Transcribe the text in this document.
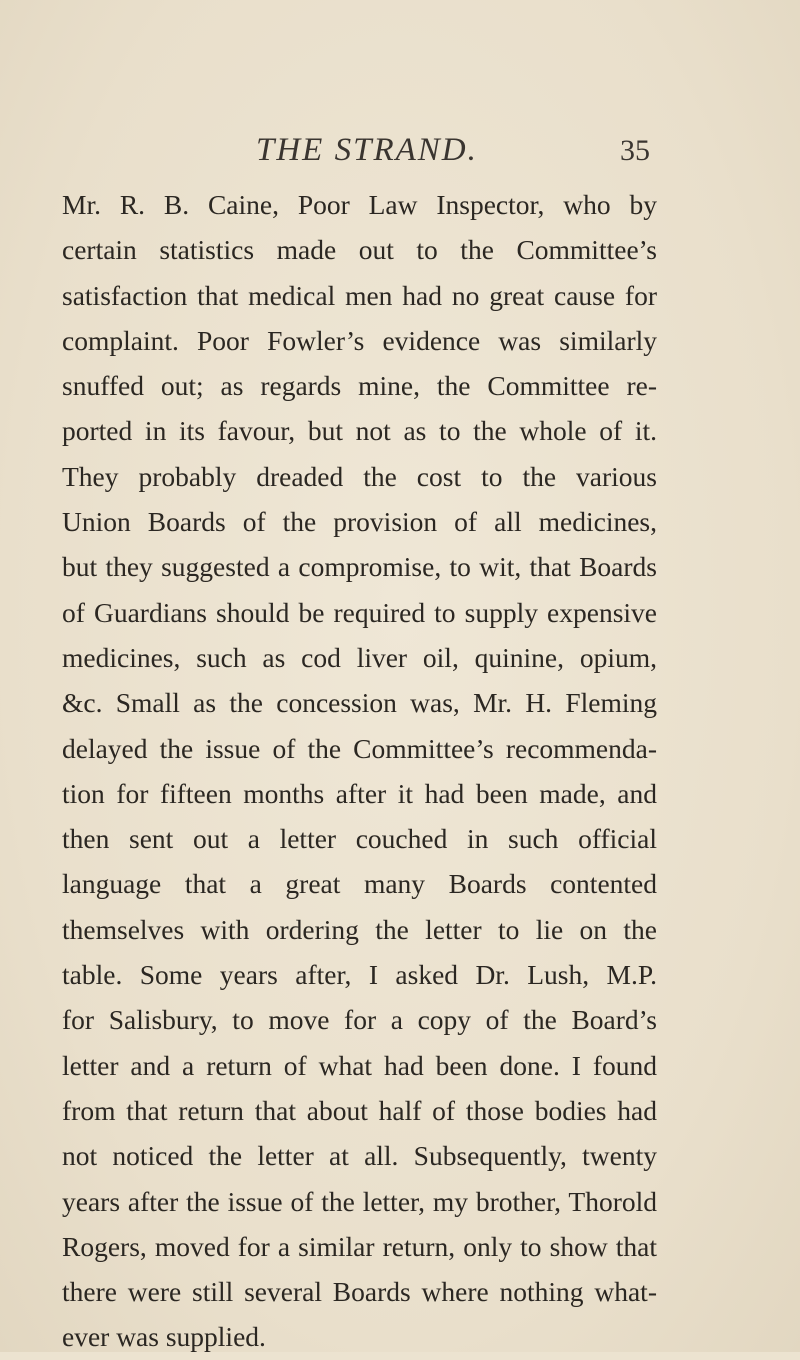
THE STRAND.	35

Mr. R. B. Caine, Poor Law Inspector, who by
certain statistics made out to the Committee’s
satisfaction that medical men had no great cause for
complaint. Poor Fowler’s evidence was similarly
snuffed out; as regards mine, the Committee re-
ported in its favour, but not as to the whole of it.
They probably dreaded the cost to the various
Union Boards of the provision of all medicines,
but they suggested a compromise, to wit, that Boards
of Guardians should be required to supply expensive
medicines, such as cod liver oil, quinine, opium,
&c. Small as the concession was, Mr. H. Fleming
delayed the issue of the Committee’s recommenda-
tion for fifteen months after it had been made, and
then sent out a letter couched in such official
language that a great many Boards contented
themselves with ordering the letter to lie on the
table. Some years after, I asked Dr. Lush, M.P.
for Salisbury, to move for a copy of the Board’s
letter and a return of what had been done. I found
from that return that about half of those bodies had
not noticed the letter at all. Subsequently, twenty
years after the issue of the letter, my brother, Thorold
Rogers, moved for a similar return, only to show that
there were still several Boards where nothing what-
ever was supplied.
